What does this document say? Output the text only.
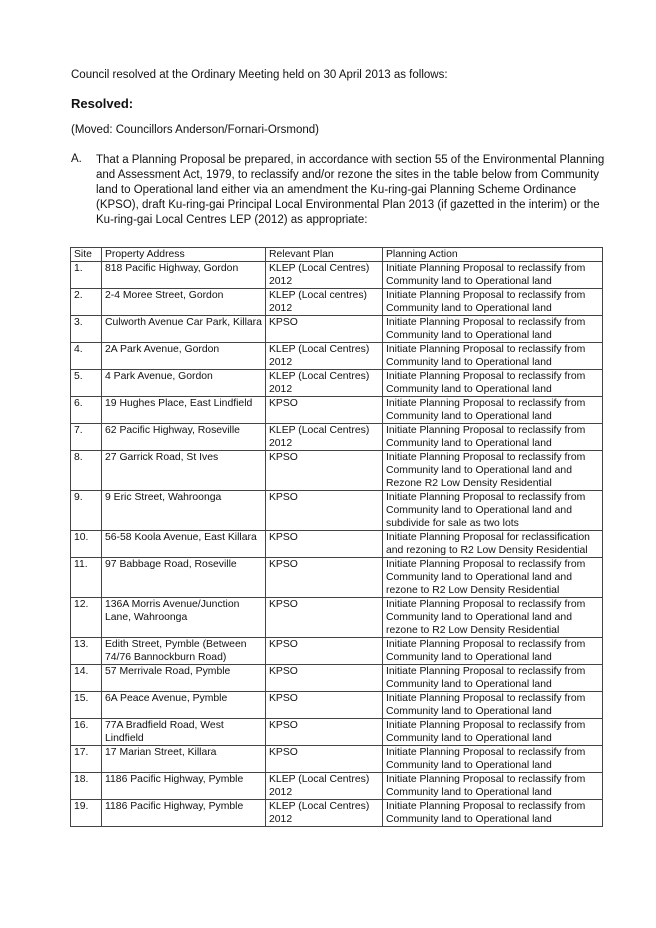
Council resolved at the Ordinary Meeting held on 30 April 2013 as follows:
Resolved:
(Moved: Councillors Anderson/Fornari-Orsmond)
A. That a Planning Proposal be prepared, in accordance with section 55 of the Environmental Planning and Assessment Act, 1979, to reclassify and/or rezone the sites in the table below from Community land to Operational land either via an amendment the Ku-ring-gai Planning Scheme Ordinance (KPSO), draft Ku-ring-gai Principal Local Environmental Plan 2013 (if gazetted in the interim) or the Ku-ring-gai Local Centres LEP (2012) as appropriate:
Site	Property Address	Relevant Plan	Planning Action
1.	818 Pacific Highway, Gordon	KLEP (Local Centres) 2012	Initiate Planning Proposal to reclassify from Community land to Operational land
2.	2-4 Moree Street, Gordon	KLEP (Local centres) 2012	Initiate Planning Proposal to reclassify from Community land to Operational land
3.	Culworth Avenue Car Park, Killara	KPSO	Initiate Planning Proposal to reclassify from Community land to Operational land
4.	2A Park Avenue, Gordon	KLEP (Local Centres) 2012	Initiate Planning Proposal to reclassify from Community land to Operational land
5.	4 Park Avenue, Gordon	KLEP (Local Centres) 2012	Initiate Planning Proposal to reclassify from Community land to Operational land
6.	19 Hughes Place, East Lindfield	KPSO	Initiate Planning Proposal to reclassify from Community land to Operational land
7.	62 Pacific Highway, Roseville	KLEP (Local Centres) 2012	Initiate Planning Proposal to reclassify from Community land to Operational land
8.	27 Garrick Road, St Ives	KPSO	Initiate Planning Proposal to reclassify from Community land to Operational land and Rezone R2 Low Density Residential
9.	9 Eric Street, Wahroonga	KPSO	Initiate Planning Proposal to reclassify from Community land to Operational land and subdivide for sale as two lots
10.	56-58 Koola Avenue, East Killara	KPSO	Initiate Planning Proposal for reclassification and rezoning to R2 Low Density Residential
11.	97 Babbage Road, Roseville	KPSO	Initiate Planning Proposal to reclassify from Community land to Operational land and rezone to R2 Low Density Residential
12.	136A Morris Avenue/Junction Lane, Wahroonga	KPSO	Initiate Planning Proposal to reclassify from Community land to Operational land and rezone to R2 Low Density Residential
13.	Edith Street, Pymble (Between 74/76 Bannockburn Road)	KPSO	Initiate Planning Proposal to reclassify from Community land to Operational land
14.	57 Merrivale Road, Pymble	KPSO	Initiate Planning Proposal to reclassify from Community land to Operational land
15.	6A Peace Avenue, Pymble	KPSO	Initiate Planning Proposal to reclassify from Community land to Operational land
16.	77A Bradfield Road, West Lindfield	KPSO	Initiate Planning Proposal to reclassify from Community land to Operational land
17.	17 Marian Street, Killara	KPSO	Initiate Planning Proposal to reclassify from Community land to Operational land
18.	1186 Pacific Highway, Pymble	KLEP (Local Centres) 2012	Initiate Planning Proposal to reclassify from Community land to Operational land
19.	1186 Pacific Highway, Pymble	KLEP (Local Centres) 2012	Initiate Planning Proposal to reclassify from Community land to Operational land
